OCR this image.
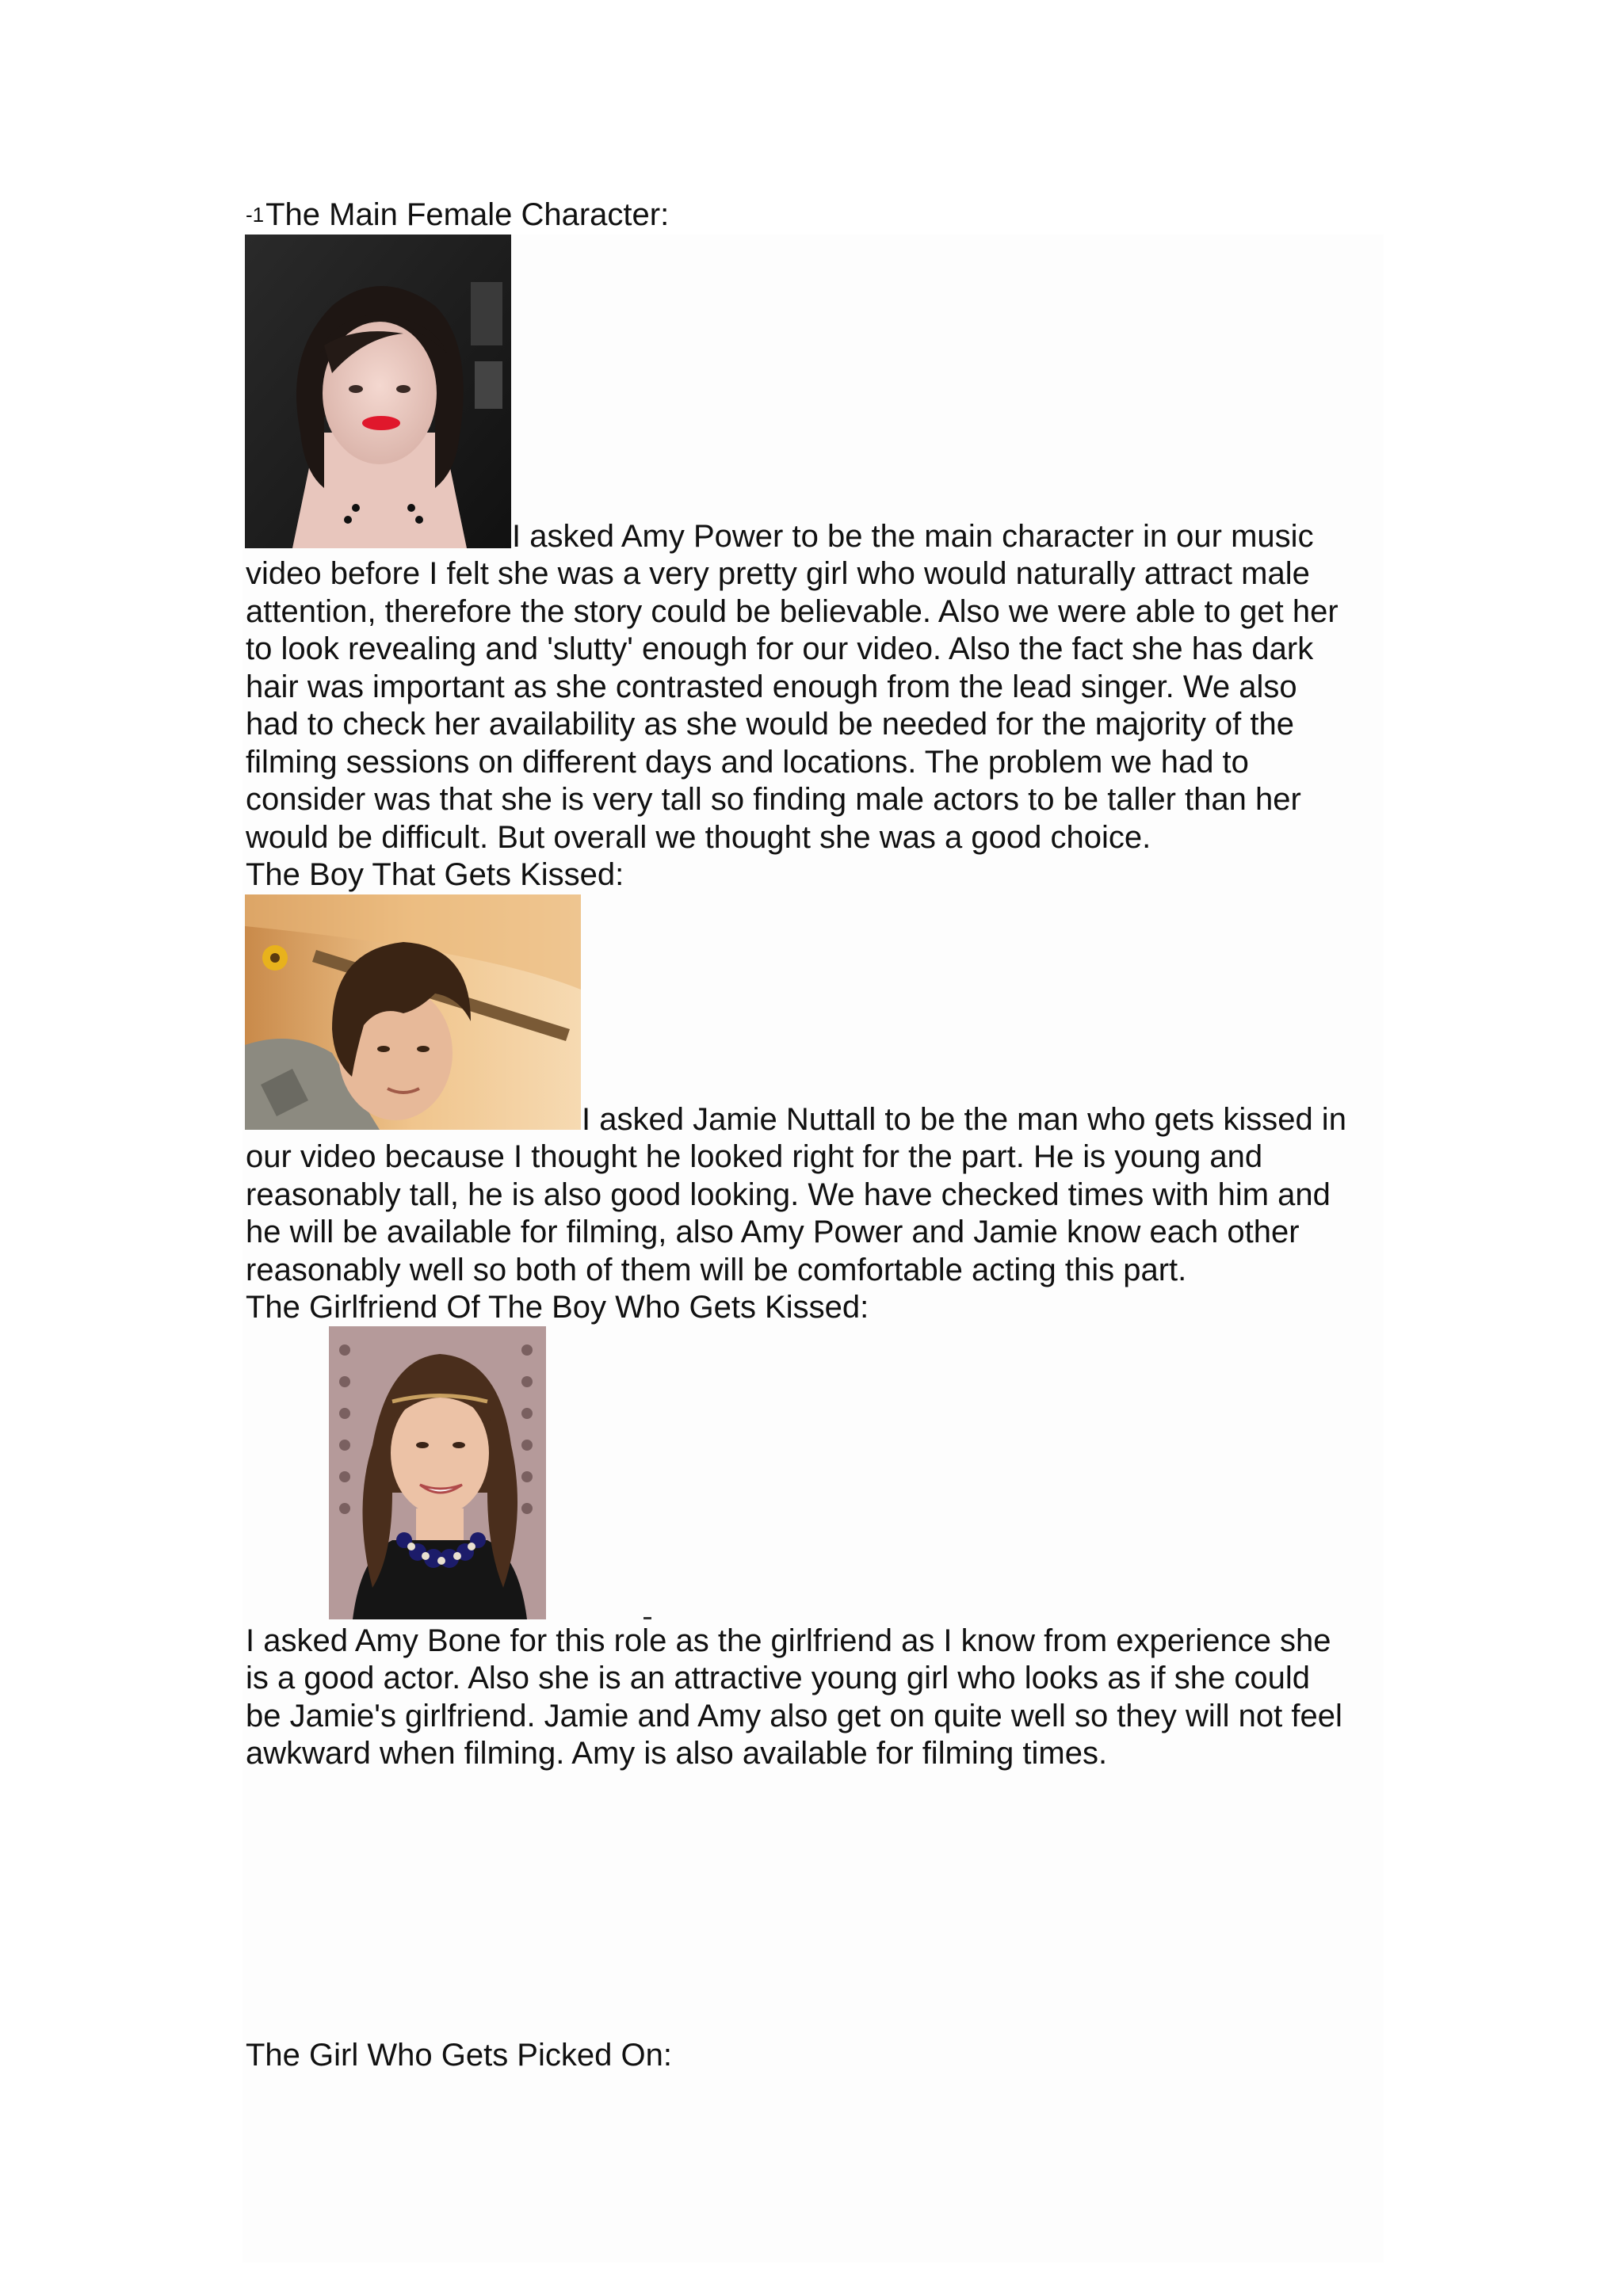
-1The Main Female Character:
I asked Amy Power to be the main character in our music
video before I felt she was a very pretty girl who would naturally attract male
attention, therefore the story could be believable. Also we were able to get her
to look revealing and 'slutty' enough for our video. Also the fact she has dark
hair was important as she contrasted enough from the lead singer. We also
had to check her availability as she would be needed for the majority of the
filming sessions on different days and locations. The problem we had to
consider was that she is very tall so finding male actors to be taller than her
would be difficult. But overall we thought she was a good choice.
The Boy That Gets Kissed:
I asked Jamie Nuttall to be the man who gets kissed in
our video because I thought he looked right for the part. He is young and
reasonably tall, he is also good looking. We have checked times with him and
he will be available for filming, also Amy Power and Jamie know each other
reasonably well so both of them will be comfortable acting this part.
The Girlfriend Of The Boy Who Gets Kissed:
I asked Amy Bone for this role as the girlfriend as I know from experience she
is a good actor. Also she is an attractive young girl who looks as if she could
be Jamie's girlfriend. Jamie and Amy also get on quite well so they will not feel
awkward when filming. Amy is also available for filming times.
The Girl Who Gets Picked On:
